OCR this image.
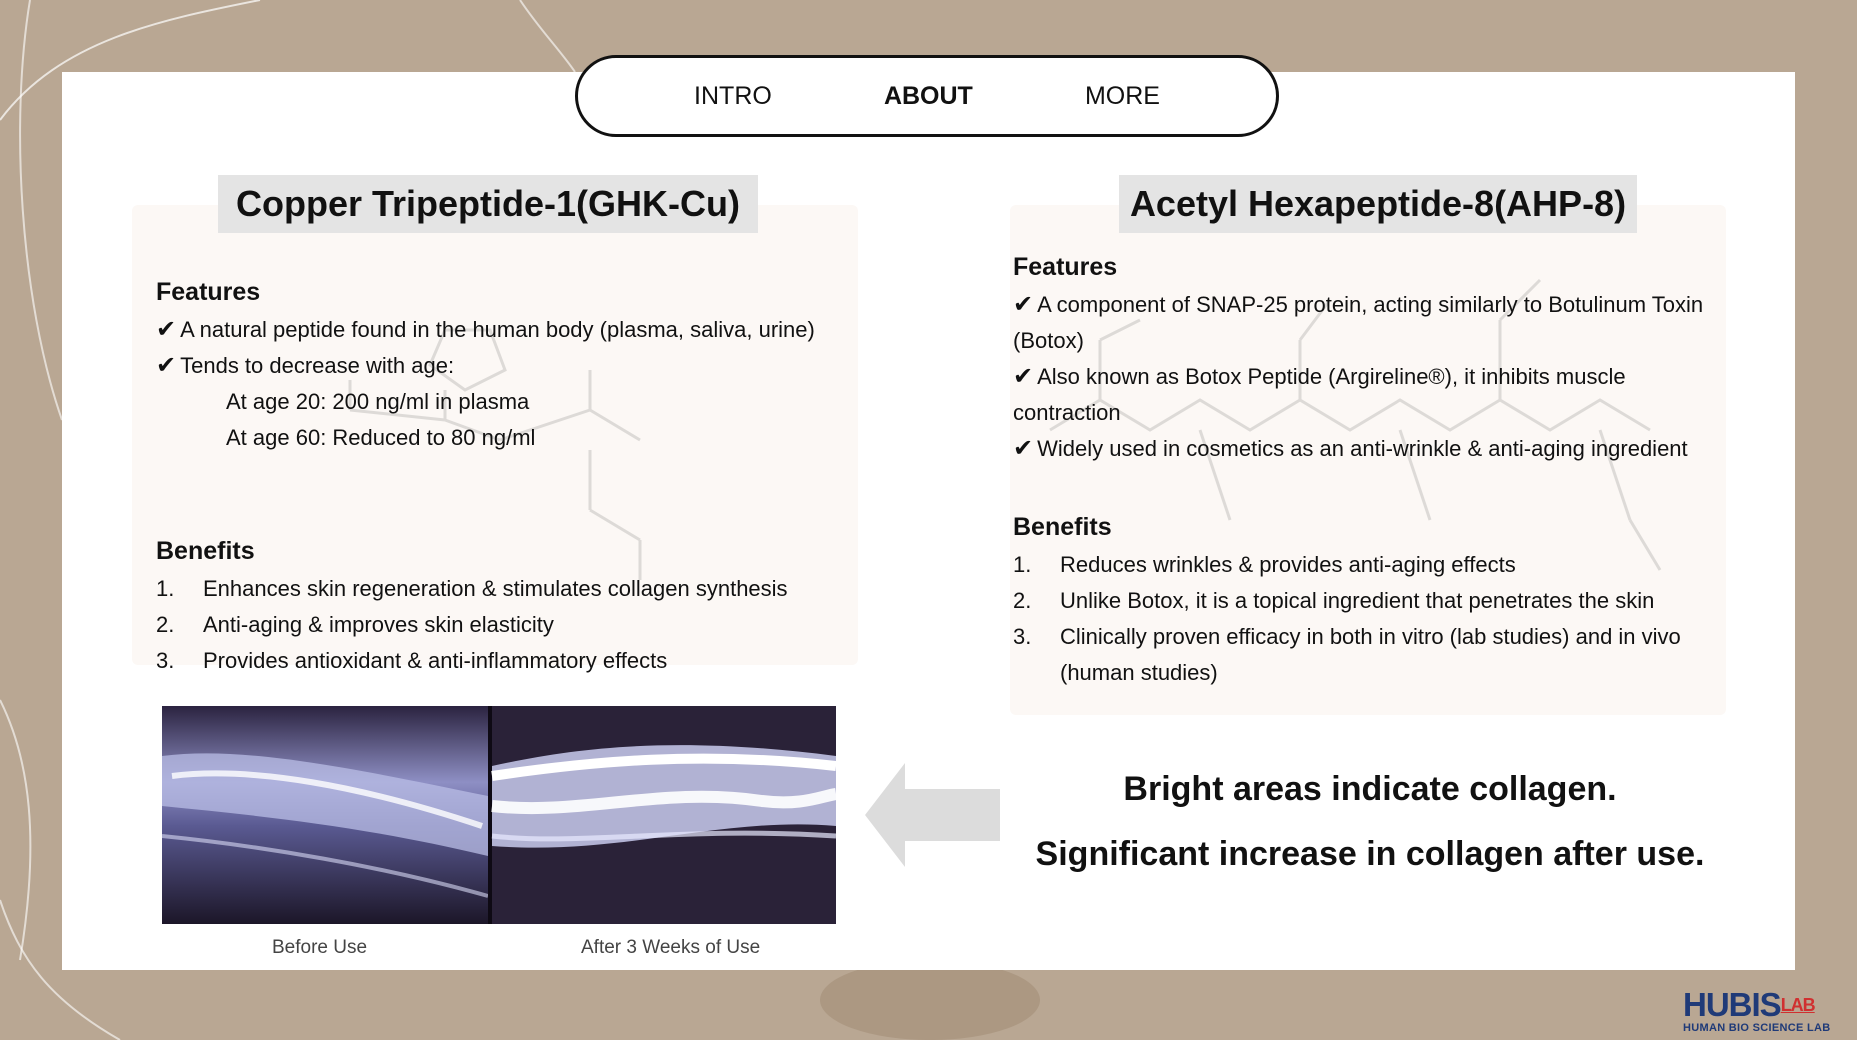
INTRO	ABOUT	MORE
Copper Tripeptide-1(GHK-Cu)
Features
✔ A natural peptide found in the human body (plasma, saliva, urine)
✔ Tends to decrease with age:
At age 20: 200 ng/ml in plasma
At age 60: Reduced to 80 ng/ml
Benefits
1.	Enhances skin regeneration & stimulates collagen synthesis
2.	Anti-aging & improves skin elasticity
3.	Provides antioxidant & anti-inflammatory effects
Acetyl Hexapeptide-8(AHP-8)
Features
✔ A component of SNAP-25 protein, acting similarly to Botulinum Toxin (Botox)
✔ Also known as Botox Peptide (Argireline®), it inhibits muscle contraction
✔ Widely used in cosmetics as an anti-wrinkle & anti-aging ingredient
Benefits
1.	Reduces wrinkles & provides anti-aging effects
2.	Unlike Botox, it is a topical ingredient that penetrates the skin
3.	Clinically proven efficacy in both in vitro (lab studies) and in vivo (human studies)
Before Use	After 3 Weeks of Use
Bright areas indicate collagen.
Significant increase in collagen after use.
$HUBIS^{LAB}$
HUMAN BIO SCIENCE LAB
